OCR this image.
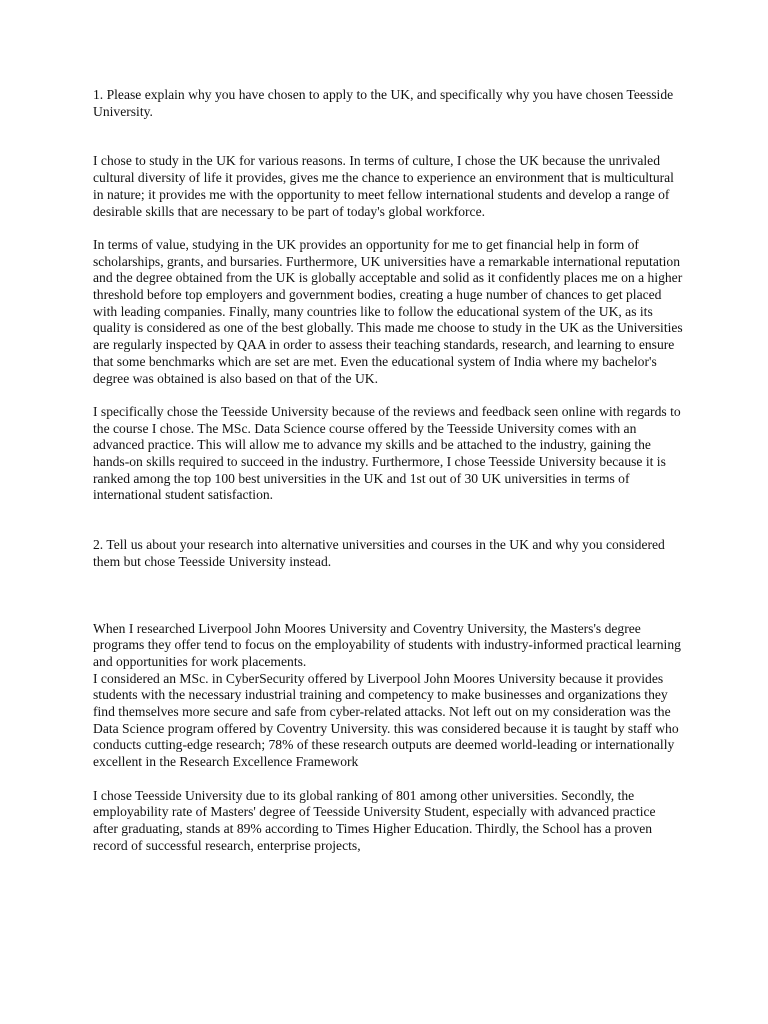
1. Please explain why you have chosen to apply to the UK, and specifically why you have chosen Teesside University.

I chose to study in the UK for various reasons. In terms of culture, I chose the UK because the unrivaled cultural diversity of life it provides, gives me the chance to experience an environment that is multicultural in nature; it provides me with the opportunity to meet fellow international students and develop a range of desirable skills that are necessary to be part of today's global workforce.

In terms of value, studying in the UK provides an opportunity for me to get financial help in form of scholarships, grants, and bursaries. Furthermore, UK universities have a remarkable international reputation and the degree obtained from the UK is globally acceptable and solid as it confidently places me on a higher threshold before top employers and government bodies, creating a huge number of chances to get placed with leading companies. Finally, many countries like to follow the educational system of the UK, as its quality is considered as one of the best globally. This made me choose to study in the UK as the Universities are regularly inspected by QAA in order to assess their teaching standards, research, and learning to ensure that some benchmarks which are set are met. Even the educational system of India where my bachelor's degree was obtained is also based on that of the UK.

I specifically chose the Teesside University because of the reviews and feedback seen online with regards to the course I chose. The MSc. Data Science course offered by the Teesside University comes with an advanced practice. This will allow me to advance my skills and be attached to the industry, gaining the hands-on skills required to succeed in the industry. Furthermore, I chose Teesside University because it is ranked among the top 100 best universities in the UK and 1st out of 30 UK universities in terms of international student satisfaction.

2. Tell us about your research into alternative universities and courses in the UK and why you considered them but chose Teesside University instead.

When I researched Liverpool John Moores University and Coventry University, the Masters's degree programs they offer tend to focus on the employability of students with industry-informed practical learning and opportunities for work placements.

I considered an MSc. in CyberSecurity offered by Liverpool John Moores University because it provides students with the necessary industrial training and competency to make businesses and organizations they find themselves more secure and safe from cyber-related attacks. Not left out on my consideration was the Data Science program offered by Coventry University. this was considered because it is taught by staff who conducts cutting-edge research; 78% of these research outputs are deemed world-leading or internationally excellent in the Research Excellence Framework

I chose Teesside University due to its global ranking of 801 among other universities. Secondly, the employability rate of Masters' degree of Teesside University Student, especially with advanced practice after graduating, stands at 89% according to Times Higher Education. Thirdly, the School has a proven record of successful research, enterprise projects,
